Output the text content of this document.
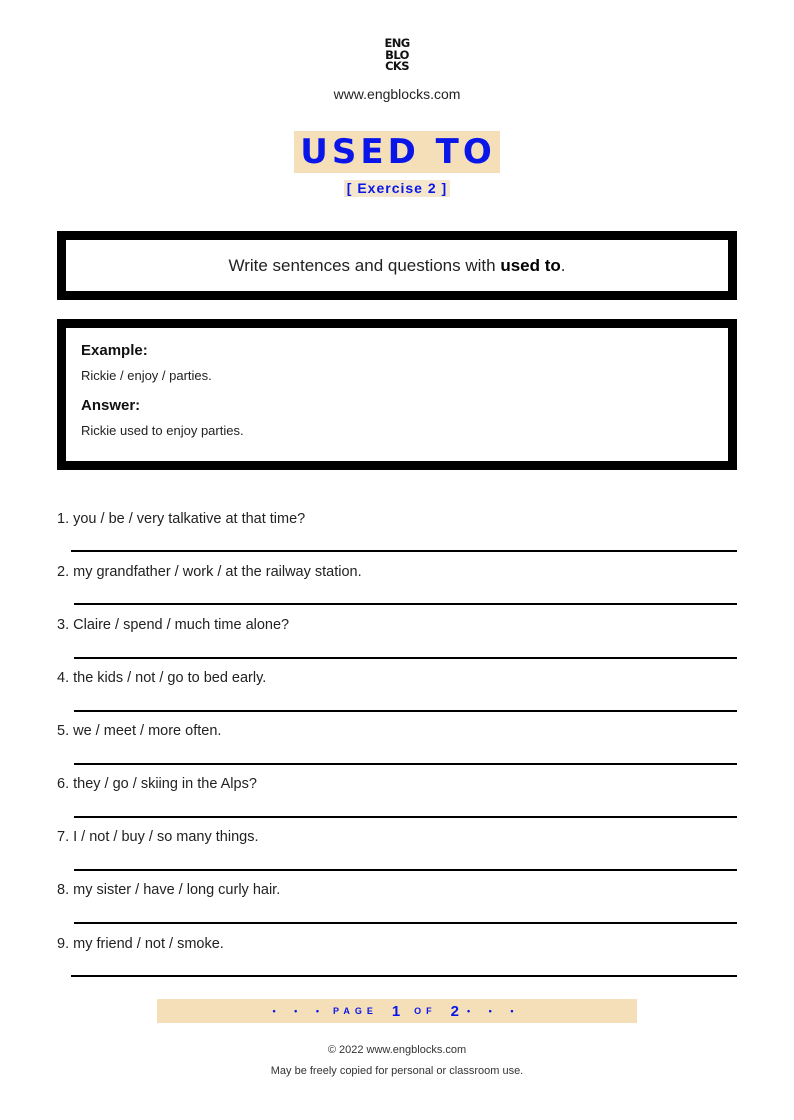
ENG
BLO
CKS
www.engblocks.com
USED TO
[ Exercise 2 ]
Write sentences and questions with used to.
Example:
Rickie / enjoy / parties.
Answer:
Rickie used to enjoy parties.
1. you / be / very talkative at that time?
2. my grandfather / work / at the railway station.
3. Claire / spend / much time alone?
4. the kids / not / go to bed early.
5. we / meet / more often.
6. they / go / skiing in the Alps?
7. I / not / buy / so many things.
8. my sister / have / long curly hair.
9. my friend / not / smoke.
• • • PAGE 1 OF 2 • • •
© 2022 www.engblocks.com
May be freely copied for personal or classroom use.
